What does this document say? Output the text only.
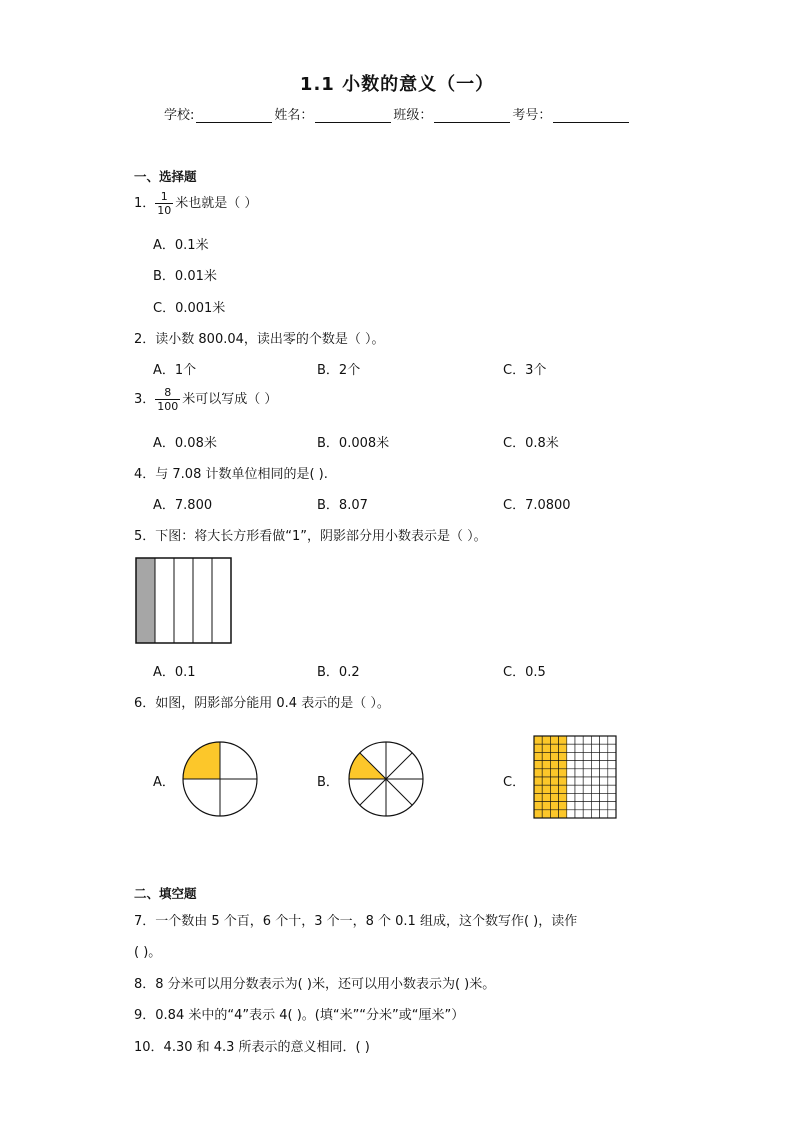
1.1 小数的意义（一）
学校:	姓名：	班级：	考号：
一、选择题
1． $\frac{1}{10}$ 米也就是（ ）
A．0.1米
B．0.01米
C．0.001米
2．读小数 800.04，读出零的个数是（ ）。
A．1个	B．2个	C．3个
3． $\frac{8}{100}$ 米可以写成（ ）
A．0.08米	B．0.008米	C．0.8米
4．与 7.08 计数单位相同的是( ).
A．7.800	B．8.07	C．7.0800
5．下图：将大长方形看做“1”，阴影部分用小数表示是（ ）。
A．0.1	B．0.2	C．0.5
6．如图，阴影部分能用 0.4 表示的是（ ）。
A．	B．	C．
二、填空题
7．一个数由 5 个百，6 个十，3 个一，8 个 0.1 组成，这个数写作( )，读作
( )。
8．8 分米可以用分数表示为( )米，还可以用小数表示为( )米。
9．0.84 米中的“4”表示 4( )。(填“米”“分米”或“厘米”）
10．4.30 和 4.3 所表示的意义相同．( )
